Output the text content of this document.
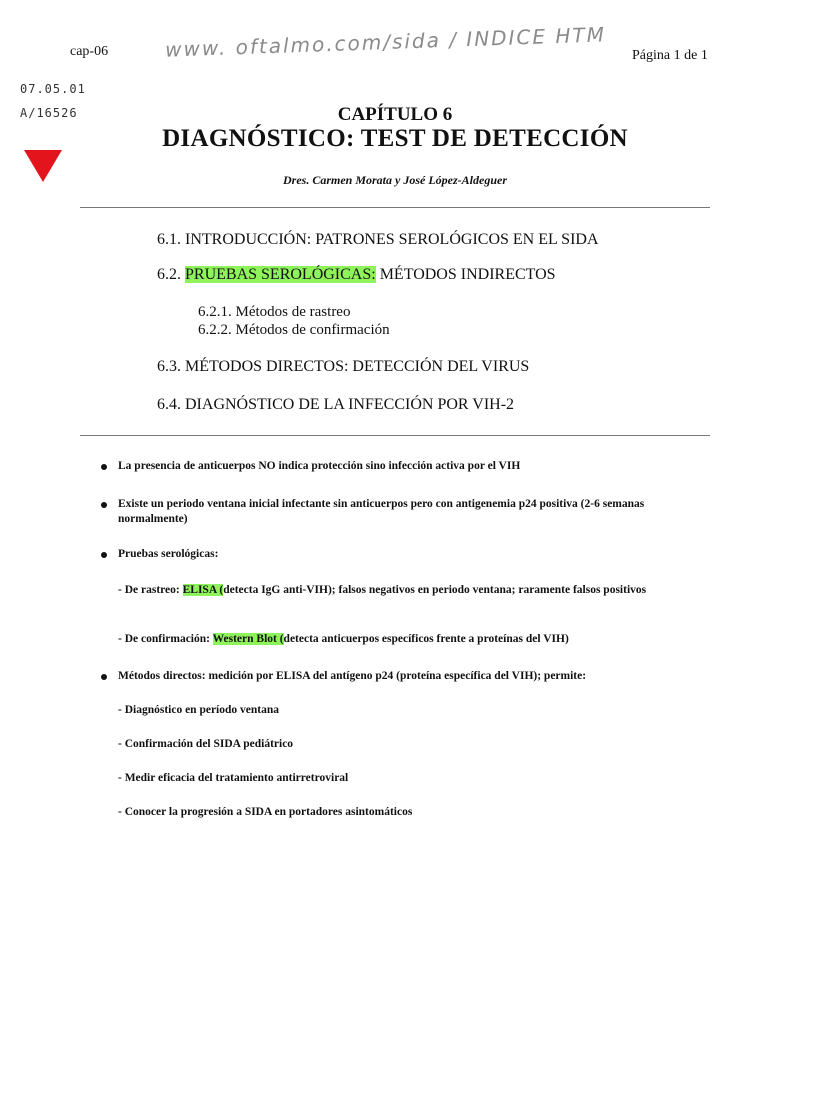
cap-06	www. oftalmo.com/sida / INDICE HTM Página 1 de 1
07.05.01
A/16526	CAPÍTULO 6
DIAGNÓSTICO: TEST DE DETECCIÓN
Dres. Carmen Morata y José López-Aldeguer
6.1. INTRODUCCIÓN: PATRONES SEROLÓGICOS EN EL SIDA
6.2. PRUEBAS SEROLÓGICAS: MÉTODOS INDIRECTOS
6.2.1. Métodos de rastreo
6.2.2. Métodos de confirmación
6.3. MÉTODOS DIRECTOS: DETECCIÓN DEL VIRUS
6.4. DIAGNÓSTICO DE LA INFECCIÓN POR VIH-2
La presencia de anticuerpos NO indica protección sino infección activa por el VIH
Existe un periodo ventana inicial infectante sin anticuerpos pero con antigenemia p24 positiva (2-6 semanas normalmente)
Pruebas serológicas:
- De rastreo: ELISA (detecta IgG anti-VIH); falsos negativos en periodo ventana; raramente falsos positivos
- De confirmación: Western Blot (detecta anticuerpos específicos frente a proteínas del VIH)
Métodos directos: medición por ELISA del antígeno p24 (proteína específica del VIH); permite:
- Diagnóstico en período ventana
- Confirmación del SIDA pediátrico
- Medir eficacia del tratamiento antirretroviral
- Conocer la progresión a SIDA en portadores asintomáticos
